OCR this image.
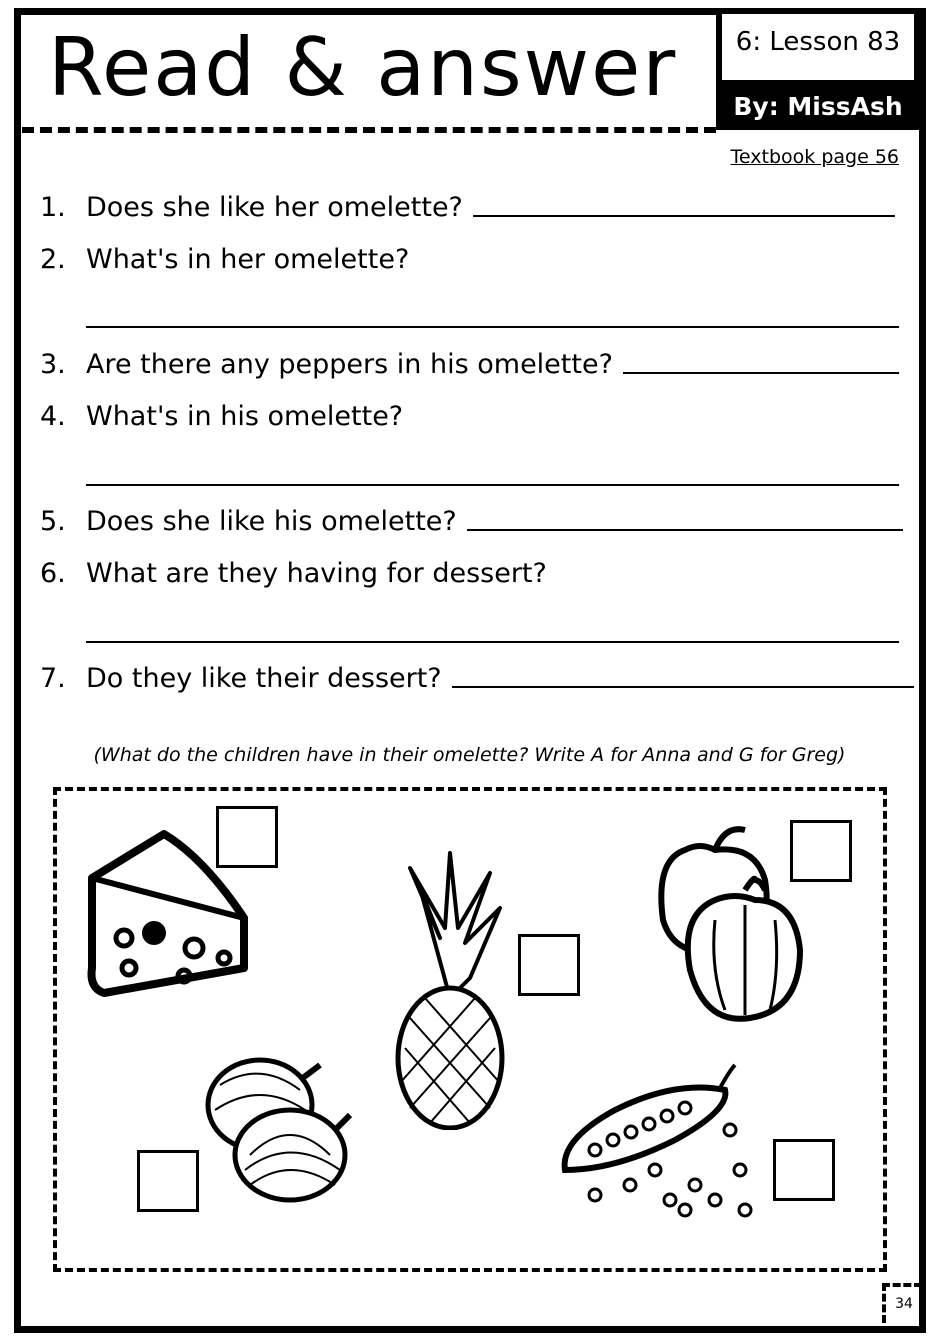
Read & answer	6: Lesson 83
By: MissAsh
Textbook page 56
1. Does she like her omelette?
2. What's in her omelette?
3. Are there any peppers in his omelette?
4. What's in his omelette?
5. Does she like his omelette?
6. What are they having for dessert?
7. Do they like their dessert?
(What do the children have in their omelette? Write A for Anna and G for Greg)
34
